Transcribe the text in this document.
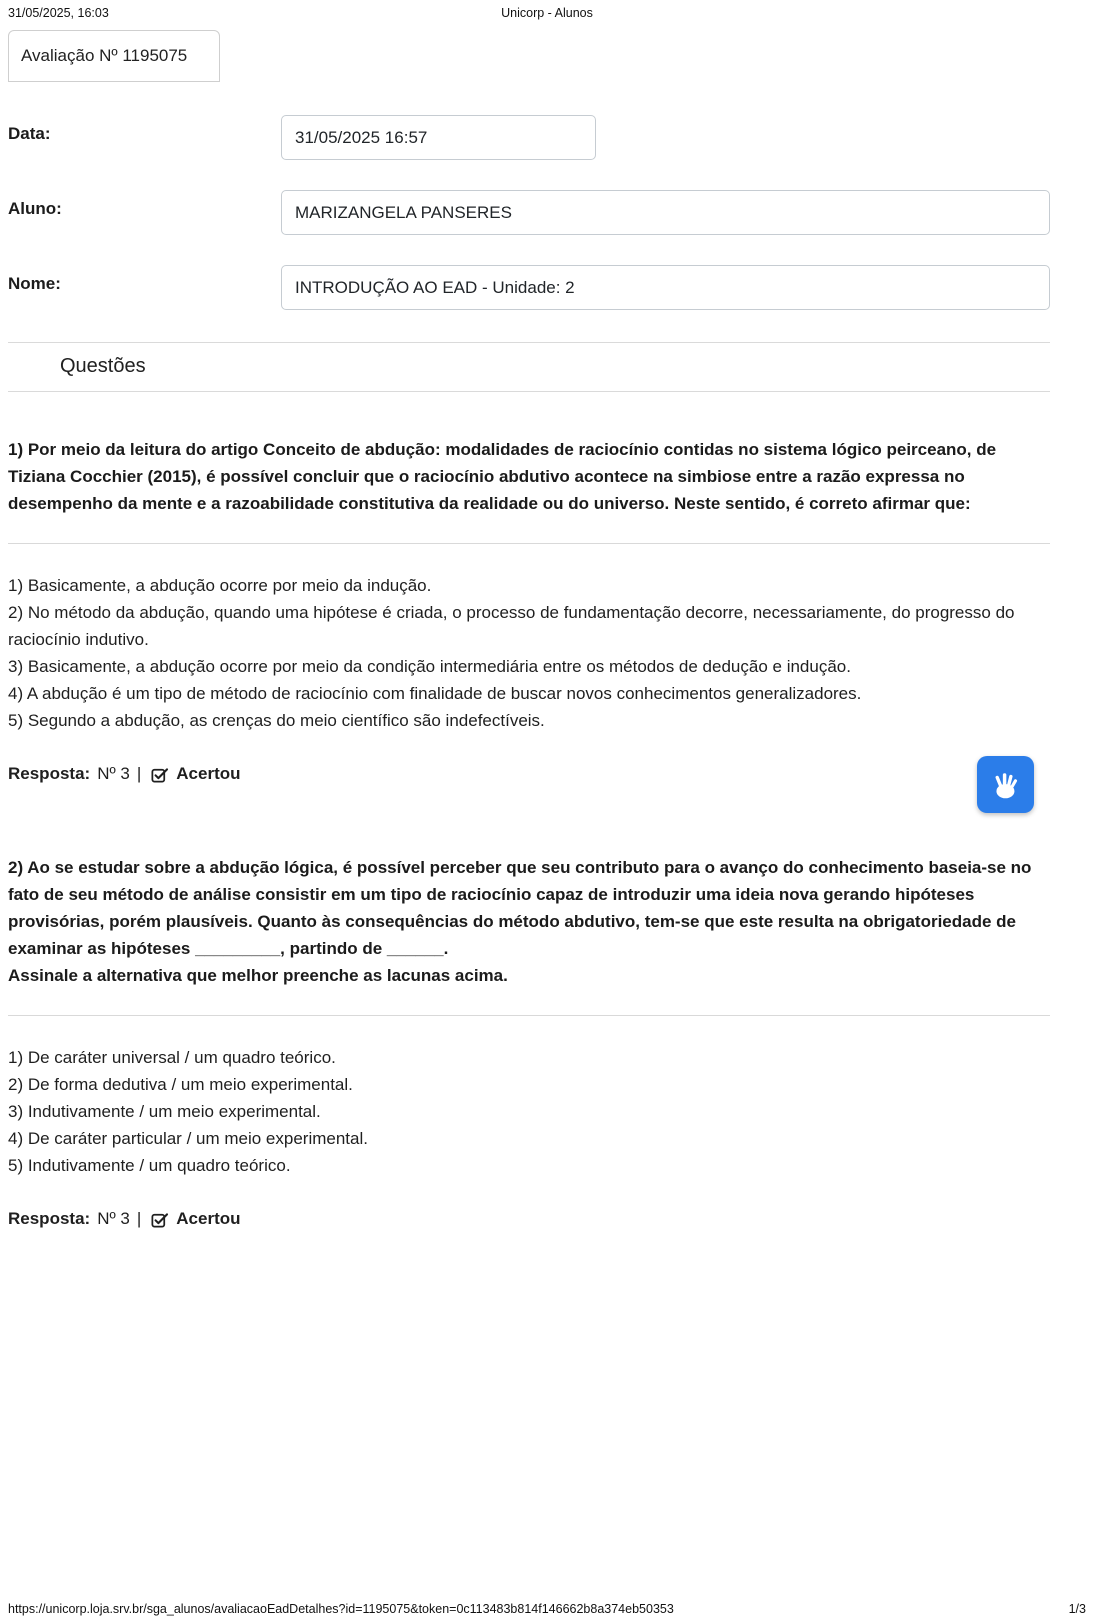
31/05/2025, 16:03	Unicorp - Alunos
Avaliação Nº 1195075
Data:
31/05/2025 16:57
Aluno:
MARIZANGELA PANSERES
Nome:
INTRODUÇÃO AO EAD - Unidade: 2
Questões

1) Por meio da leitura do artigo Conceito de abdução: modalidades de raciocínio contidas no sistema lógico peirceano, de Tiziana Cocchier (2015), é possível concluir que o raciocínio abdutivo acontece na simbiose entre a razão expressa no desempenho da mente e a razoabilidade constitutiva da realidade ou do universo. Neste sentido, é correto afirmar que:

1) Basicamente, a abdução ocorre por meio da indução.
2) No método da abdução, quando uma hipótese é criada, o processo de fundamentação decorre, necessariamente, do progresso do raciocínio indutivo.
3) Basicamente, a abdução ocorre por meio da condição intermediária entre os métodos de dedução e indução.
4) A abdução é um tipo de método de raciocínio com finalidade de buscar novos conhecimentos generalizadores.
5) Segundo a abdução, as crenças do meio científico são indefectíveis.
Resposta: Nº 3 | Acertou

2) Ao se estudar sobre a abdução lógica, é possível perceber que seu contributo para o avanço do conhecimento baseia-se no fato de seu método de análise consistir em um tipo de raciocínio capaz de introduzir uma ideia nova gerando hipóteses provisórias, porém plausíveis. Quanto às consequências do método abdutivo, tem-se que este resulta na obrigatoriedade de examinar as hipóteses _________, partindo de ______.

Assinale a alternativa que melhor preenche as lacunas acima.

1) De caráter universal / um quadro teórico.
2) De forma dedutiva / um meio experimental.
3) Indutivamente / um meio experimental.
4) De caráter particular / um meio experimental.
5) Indutivamente / um quadro teórico.
Resposta: Nº 3 | Acertou
https://unicorp.loja.srv.br/sga_alunos/avaliacaoEadDetalhes?id=1195075&token=0c113483b814f146662b8a374eb50353	1/3
